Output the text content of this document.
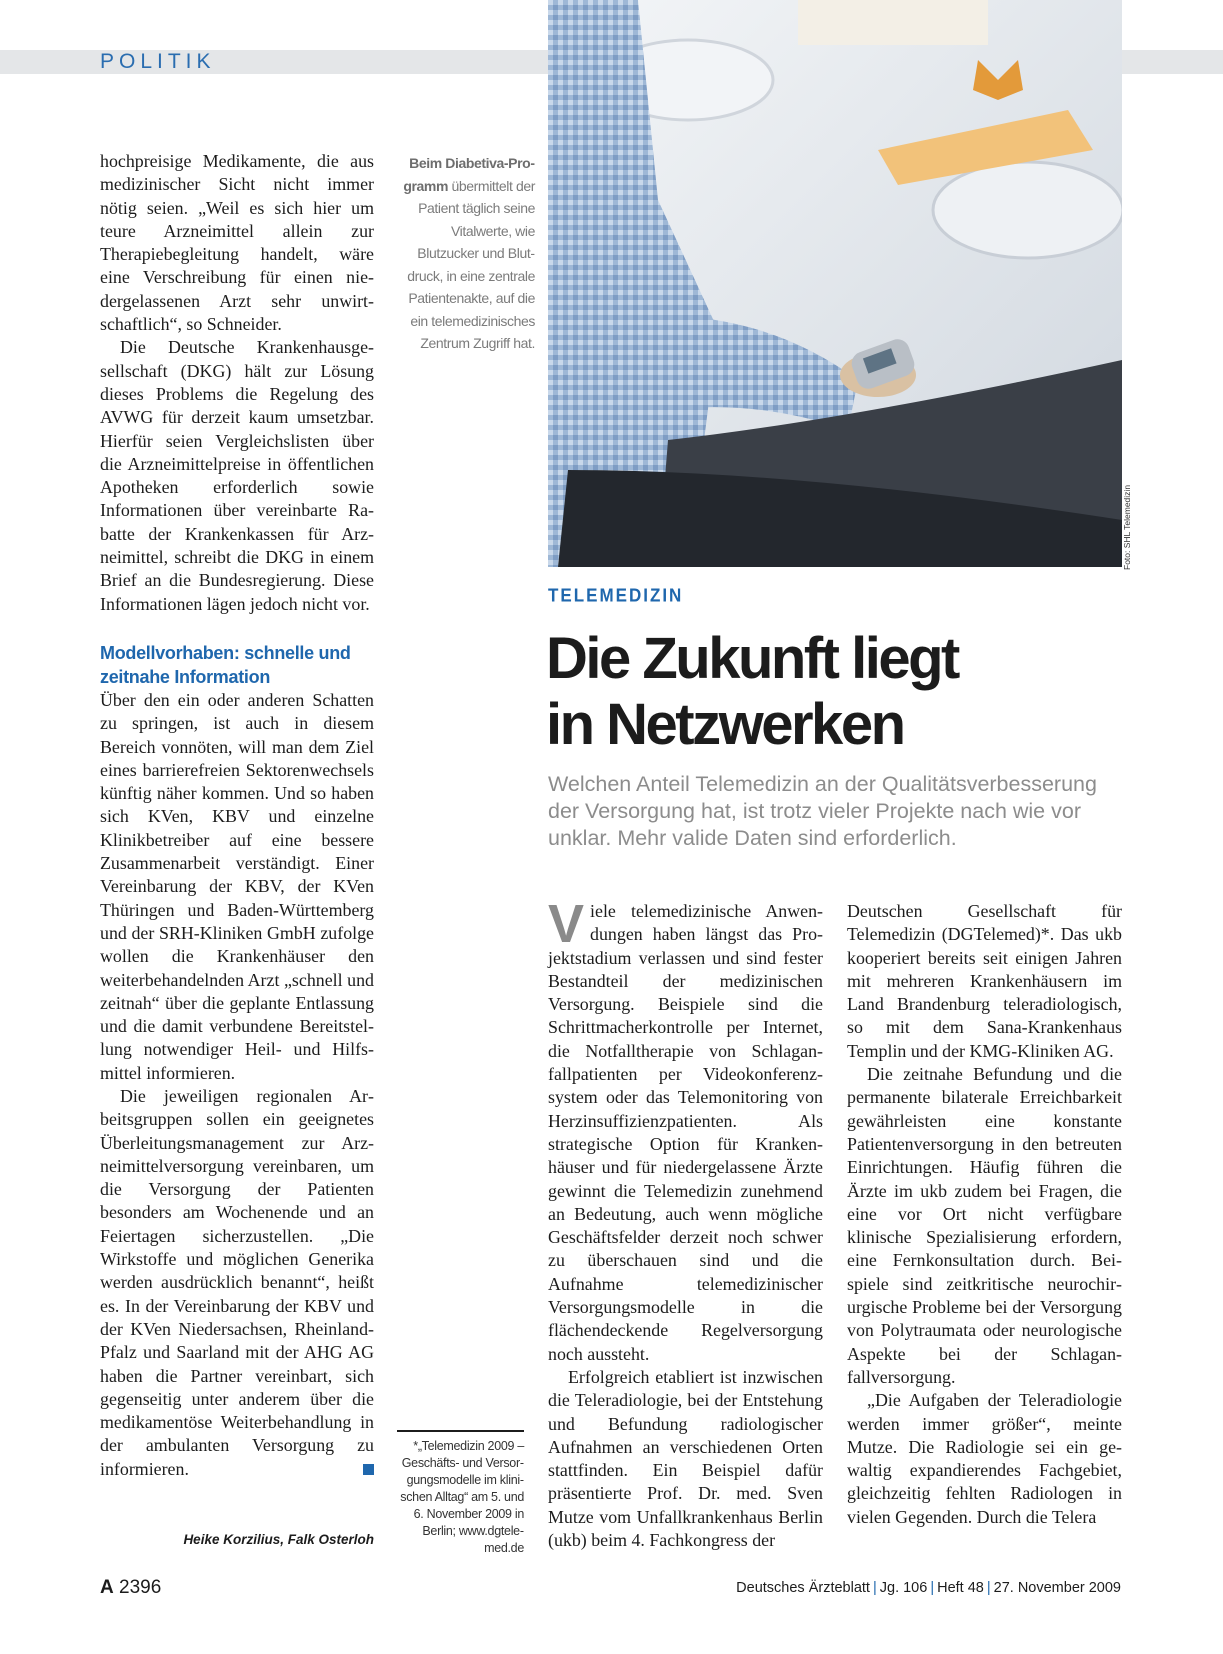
POLITIK

hochpreisige Medikamente, die aus medizinischer Sicht nicht immer nötig seien. „Weil es sich hier um teure Arzneimittel allein zur Therapiebegleitung handelt, wäre eine Verschreibung für einen niedergelassenen Arzt sehr unwirtschaftlich“, so Schneider.

Die Deutsche Krankenhausgesellschaft (DKG) hält zur Lösung dieses Problems die Regelung des AVWG für derzeit kaum umsetzbar. Hierfür seien Vergleichslisten über die Arzneimittelpreise in öffentlichen Apotheken erforderlich sowie Informationen über vereinbarte Rabatte der Krankenkassen für Arzneimittel, schreibt die DKG in einem Brief an die Bundesregierung. Diese Informationen lägen jedoch nicht vor.

Modellvorhaben: schnelle und zeitnahe Information

Über den ein oder anderen Schatten zu springen, ist auch in diesem Bereich vonnöten, will man dem Ziel eines barrierefreien Sektorenwechsels künftig näher kommen. Und so haben sich KVen, KBV und einzelne Klinikbetreiber auf eine bessere Zusammenarbeit verständigt. Einer Vereinbarung der KBV, der KVen Thüringen und Baden-Württemberg und der SRH-Kliniken GmbH zufolge wollen die Krankenhäuser den weiterbehandelnden Arzt „schnell und zeitnah“ über die geplante Entlassung und die damit verbundene Bereitstellung notwendiger Heil- und Hilfsmittel informieren.

Die jeweiligen regionalen Arbeitsgruppen sollen ein geeignetes Überleitungsmanagement zur Arzneimittelversorgung vereinbaren, um die Versorgung der Patienten besonders am Wochenende und an Feiertagen sicherzustellen. „Die Wirkstoffe und möglichen Generika werden ausdrücklich benannt“, heißt es. In der Vereinbarung der KBV und der KVen Niedersachsen, Rheinland-Pfalz und Saarland mit der AHG AG haben die Partner vereinbart, sich gegenseitig unter anderem über die medikamentöse Weiterbehandlung in der ambulanten Versorgung zu informieren.

Heike Korzilius, Falk Osterloh
Beim Diabetiva-Programm übermittelt der Patient täglich seine Vitalwerte, wie Blutzucker und Blutdruck, in eine zentrale Patientenakte, auf die ein telemedizinisches Zentrum Zugriff hat.
*„Telemedizin 2009 – Geschäfts- und Versorgungsmodelle im klinischen Alltag“ am 5. und 6. November 2009 in Berlin; www.dgtelemed.de
Foto: SHL Telemedizin
TELEMEDIZIN
Die Zukunft liegt
in Netzwerken
Welchen Anteil Telemedizin an der Qualitätsverbesserung der Versorgung hat, ist trotz vieler Projekte nach wie vor unklar. Mehr valide Daten sind erforderlich.

Viele telemedizinische Anwendungen haben längst das Projektstadium verlassen und sind fester Bestandteil der medizinischen Versorgung. Beispiele sind die Schrittmacherkontrolle per Internet, die Notfalltherapie von Schlaganfallpatienten per Videokonferenzsystem oder das Telemonitoring von Herzinsuffizienzpatienten. Als strategische Option für Krankenhäuser und für niedergelassene Ärzte gewinnt die Telemedizin zunehmend an Bedeutung, auch wenn mögliche Geschäftsfelder derzeit noch schwer zu überschauen sind und die Aufnahme telemedizinischer Versorgungsmodelle in die flächendeckende Regelversorgung noch aussteht.

Erfolgreich etabliert ist inzwischen die Teleradiologie, bei der Entstehung und Befundung radiologischer Aufnahmen an verschiedenen Orten stattfinden. Ein Beispiel dafür präsentierte Prof. Dr. med. Sven Mutze vom Unfallkrankenhaus Berlin (ukb) beim 4. Fachkongress der

Deutschen Gesellschaft für Telemedizin (DGTelemed)*. Das ukb kooperiert bereits seit einigen Jahren mit mehreren Krankenhäusern im Land Brandenburg teleradiologisch, so mit dem Sana-Krankenhaus Templin und der KMG-Kliniken AG.

Die zeitnahe Befundung und die permanente bilaterale Erreichbarkeit gewährleisten eine konstante Patientenversorgung in den betreuten Einrichtungen. Häufig führen die Ärzte im ukb zudem bei Fragen, die eine vor Ort nicht verfügbare klinische Spezialisierung erfordern, eine Fernkonsultation durch. Beispiele sind zeitkritische neurochirurgische Probleme bei der Versorgung von Polytraumata oder neurologische Aspekte bei der Schlaganfallversorgung.

„Die Aufgaben der Teleradiologie werden immer größer“, meinte Mutze. Die Radiologie sei ein gewaltig expandierendes Fachgebiet, gleichzeitig fehlten Radiologen in vielen Gegenden. Durch die Telera

A 2396	Deutsches Ärzteblatt | Jg. 106 | Heft 48 | 27. November 2009
